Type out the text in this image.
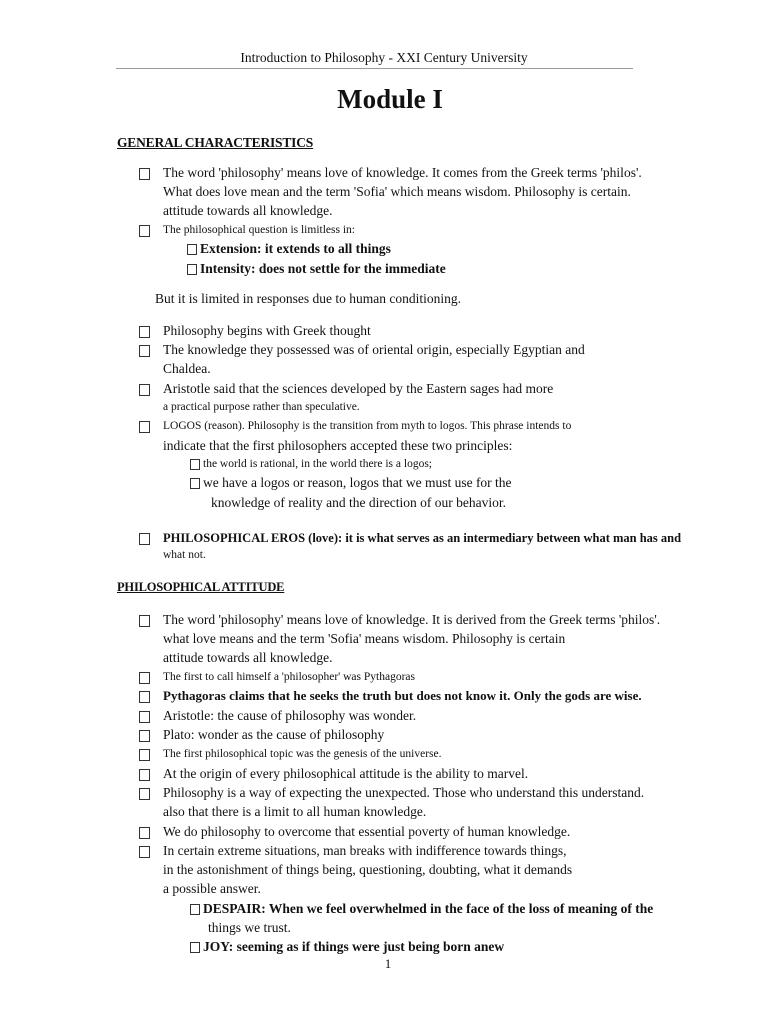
Introduction to Philosophy - XXI Century University
Module I
GENERAL CHARACTERISTICS
The word 'philosophy' means love of knowledge. It comes from the Greek terms 'philos'.
What does love mean and the term 'Sofia' which means wisdom. Philosophy is certain.
attitude towards all knowledge.
The philosophical question is limitless in:
Extension: it extends to all things
Intensity: does not settle for the immediate
But it is limited in responses due to human conditioning.
Philosophy begins with Greek thought
The knowledge they possessed was of oriental origin, especially Egyptian and
Chaldea.
Aristotle said that the sciences developed by the Eastern sages had more
a practical purpose rather than speculative.
LOGOS (reason). Philosophy is the transition from myth to logos. This phrase intends to
indicate that the first philosophers accepted these two principles:
the world is rational, in the world there is a logos;
we have a logos or reason, logos that we must use for the
knowledge of reality and the direction of our behavior.
PHILOSOPHICAL EROS (love): it is what serves as an intermediary between what man has and
what not.
PHILOSOPHICAL ATTITUDE
The word 'philosophy' means love of knowledge. It is derived from the Greek terms 'philos'.
what love means and the term 'Sofia' means wisdom. Philosophy is certain
attitude towards all knowledge.
The first to call himself a 'philosopher' was Pythagoras
Pythagoras claims that he seeks the truth but does not know it. Only the gods are wise.
Aristotle: the cause of philosophy was wonder.
Plato: wonder as the cause of philosophy
The first philosophical topic was the genesis of the universe.
At the origin of every philosophical attitude is the ability to marvel.
Philosophy is a way of expecting the unexpected. Those who understand this understand.
also that there is a limit to all human knowledge.
We do philosophy to overcome that essential poverty of human knowledge.
In certain extreme situations, man breaks with indifference towards things,
in the astonishment of things being, questioning, doubting, what it demands
a possible answer.
DESPAIR: When we feel overwhelmed in the face of the loss of meaning of the
things we trust.
JOY: seeming as if things were just being born anew
1
